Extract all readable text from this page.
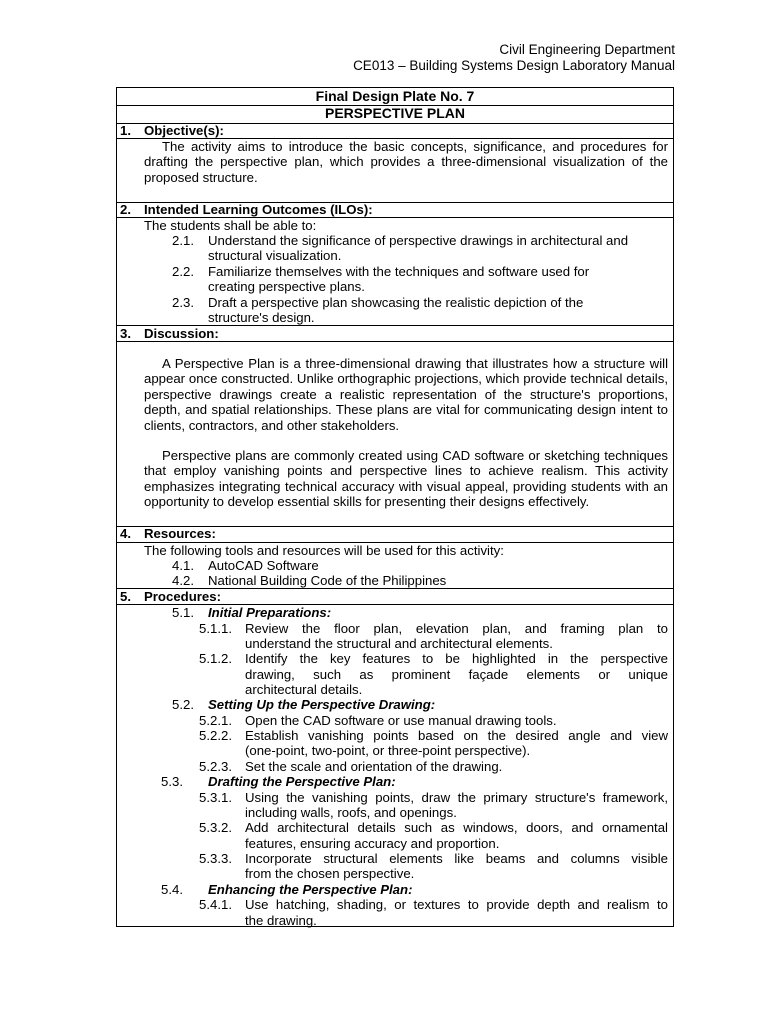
Civil Engineering Department
CE013 – Building Systems Design Laboratory Manual
Final Design Plate No. 7
PERSPECTIVE PLAN
1. Objective(s):
The activity aims to introduce the basic concepts, significance, and procedures for drafting the perspective plan, which provides a three-dimensional visualization of the proposed structure.
2. Intended Learning Outcomes (ILOs):
The students shall be able to:
2.1. Understand the significance of perspective drawings in architectural and
structural visualization.
2.2. Familiarize themselves with the techniques and software used for
creating perspective plans.
2.3. Draft a perspective plan showcasing the realistic depiction of the
structure's design.
3. Discussion:
A Perspective Plan is a three-dimensional drawing that illustrates how a structure will appear once constructed. Unlike orthographic projections, which provide technical details, perspective drawings create a realistic representation of the structure's proportions, depth, and spatial relationships. These plans are vital for communicating design intent to clients, contractors, and other stakeholders.
Perspective plans are commonly created using CAD software or sketching techniques that employ vanishing points and perspective lines to achieve realism. This activity emphasizes integrating technical accuracy with visual appeal, providing students with an opportunity to develop essential skills for presenting their designs effectively.
4. Resources:
The following tools and resources will be used for this activity:
4.1. AutoCAD Software
4.2. National Building Code of the Philippines
5. Procedures:
5.1. Initial Preparations:
5.1.1. Review the floor plan, elevation plan, and framing plan to
understand the structural and architectural elements.
5.1.2. Identify the key features to be highlighted in the perspective
drawing, such as prominent façade elements or unique
architectural details.
5.2. Setting Up the Perspective Drawing:
5.2.1. Open the CAD software or use manual drawing tools.
5.2.2. Establish vanishing points based on the desired angle and view
(one-point, two-point, or three-point perspective).
5.2.3. Set the scale and orientation of the drawing.
5.3. Drafting the Perspective Plan:
5.3.1. Using the vanishing points, draw the primary structure's framework,
including walls, roofs, and openings.
5.3.2. Add architectural details such as windows, doors, and ornamental
features, ensuring accuracy and proportion.
5.3.3. Incorporate structural elements like beams and columns visible
from the chosen perspective.
5.4. Enhancing the Perspective Plan:
5.4.1. Use hatching, shading, or textures to provide depth and realism to
the drawing.
